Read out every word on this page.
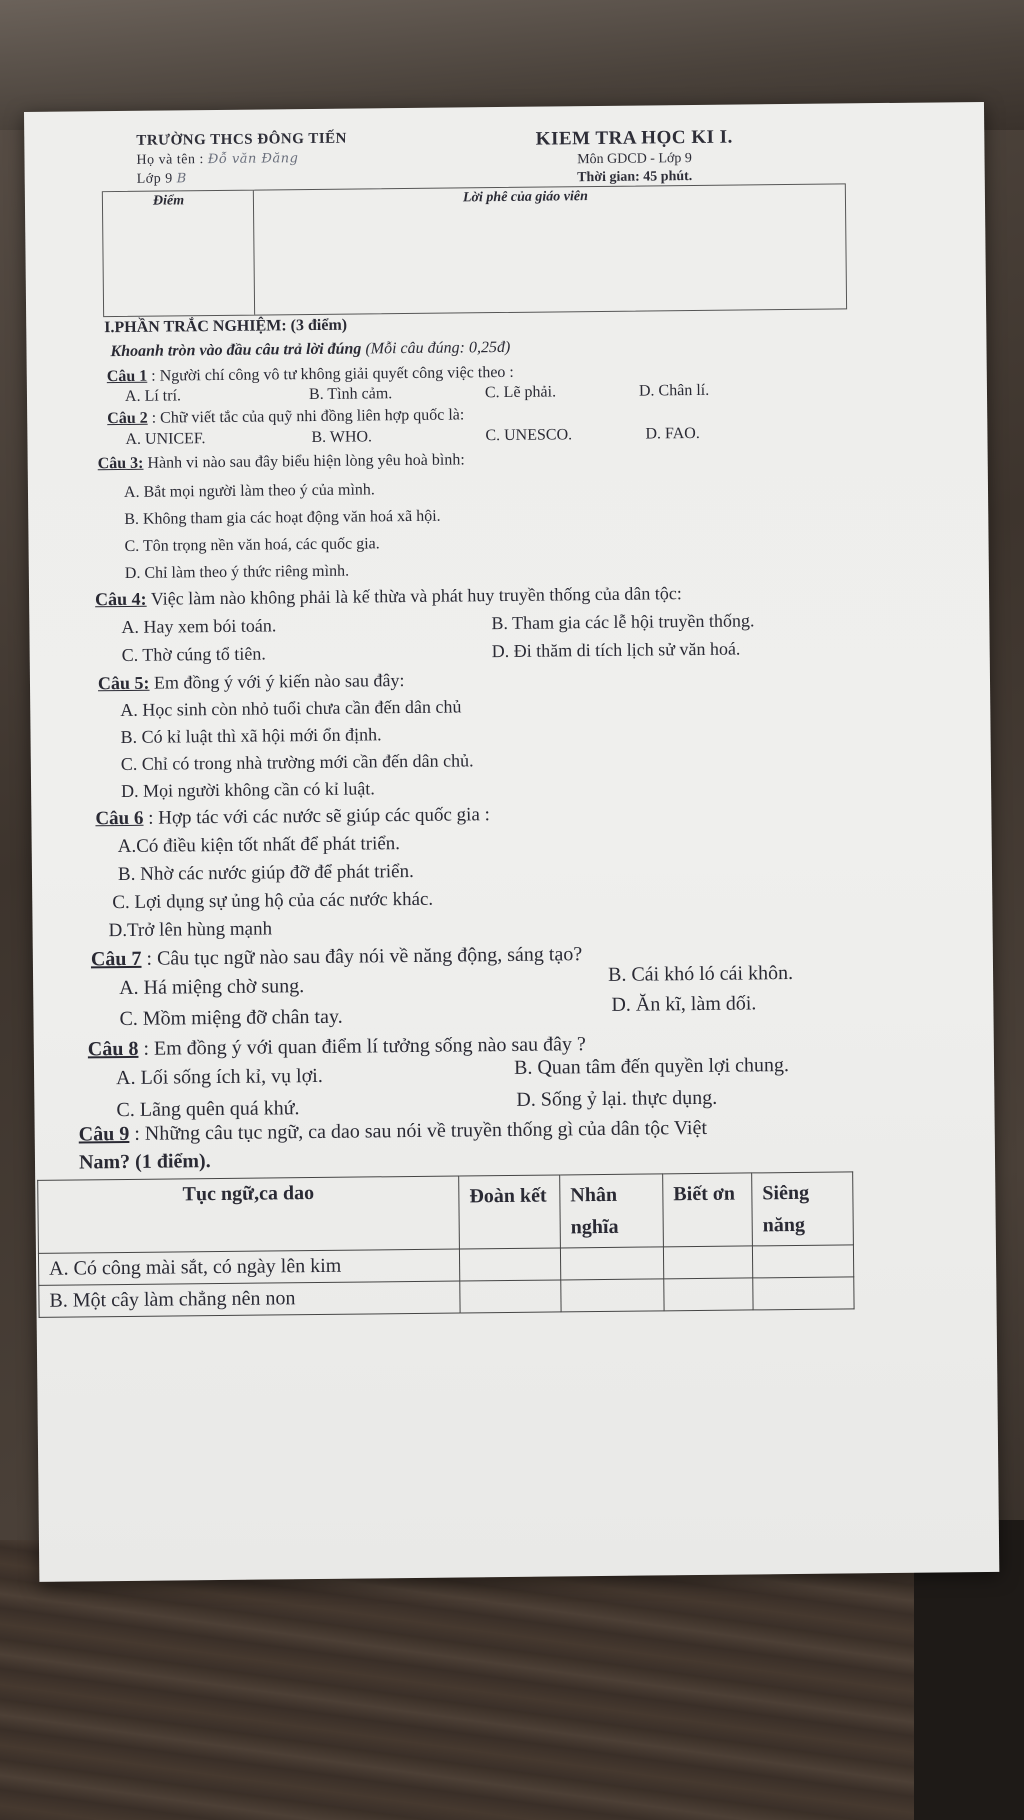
TRƯỜNG THCS ĐÔNG TIẾN
Họ và tên : Đỗ văn Đăng
Lớp 9 B
KIEM TRA HỌC KI I.
Môn GDCD - Lớp 9
Thời gian: 45 phút.
Điểm	Lời phê của giáo viên
I.PHẦN TRẮC NGHIỆM: (3 điểm)
Khoanh tròn vào đầu câu trả lời đúng (Mỗi câu đúng: 0,25đ)
Câu 1 : Người chí công vô tư không giải quyết công việc theo :
A. Lí trí.	B. Tình cảm.	C. Lẽ phải.	D. Chân lí.
Câu 2 : Chữ viết tắc của quỹ nhi đồng liên hợp quốc là:
A. UNICEF.	B. WHO.	C. UNESCO.	D. FAO.
Câu 3: Hành vi nào sau đây biểu hiện lòng yêu hoà bình:
A. Bắt mọi người làm theo ý của mình.
B. Không tham gia các hoạt động văn hoá xã hội.
C. Tôn trọng nền văn hoá, các quốc gia.
D. Chỉ làm theo ý thức riêng mình.
Câu 4: Việc làm nào không phải là kế thừa và phát huy truyền thống của dân tộc:
A. Hay xem bói toán.	B. Tham gia các lễ hội truyền thống.
C. Thờ cúng tổ tiên.	D. Đi thăm di tích lịch sử văn hoá.
Câu 5: Em đồng ý với ý kiến nào sau đây:
A. Học sinh còn nhỏ tuổi chưa cần đến dân chủ
B. Có kỉ luật thì xã hội mới ổn định.
C. Chỉ có trong nhà trường mới cần đến dân chủ.
D. Mọi người không cần có kỉ luật.
Câu 6 : Hợp tác với các nước sẽ giúp các quốc gia :
A.Có điều kiện tốt nhất để phát triển.
B. Nhờ các nước giúp đỡ để phát triển.
C. Lợi dụng sự ủng hộ của các nước khác.
D.Trở lên hùng mạnh
Câu 7 : Câu tục ngữ nào sau đây nói về năng động, sáng tạo?
A. Há miệng chờ sung.
B. Cái khó ló cái khôn.
C. Mồm miệng đỡ chân tay.
D. Ăn kĩ, làm dối.
Câu 8 : Em đồng ý với quan điểm lí tưởng sống nào sau đây ?
A. Lối sống ích kỉ, vụ lợi.	B. Quan tâm đến quyền lợi chung.
C. Lãng quên quá khứ.	D. Sống ỷ lại. thực dụng.
Câu 9 : Những câu tục ngữ, ca dao sau nói về truyền thống gì của dân tộc Việt
Nam? (1 điểm).
Tục ngữ,ca dao	Đoàn kết	Nhân nghĩa	Biết ơn	Siêng năng
A. Có công mài sắt, có ngày lên kim				
B. Một cây làm chẳng nên non				
